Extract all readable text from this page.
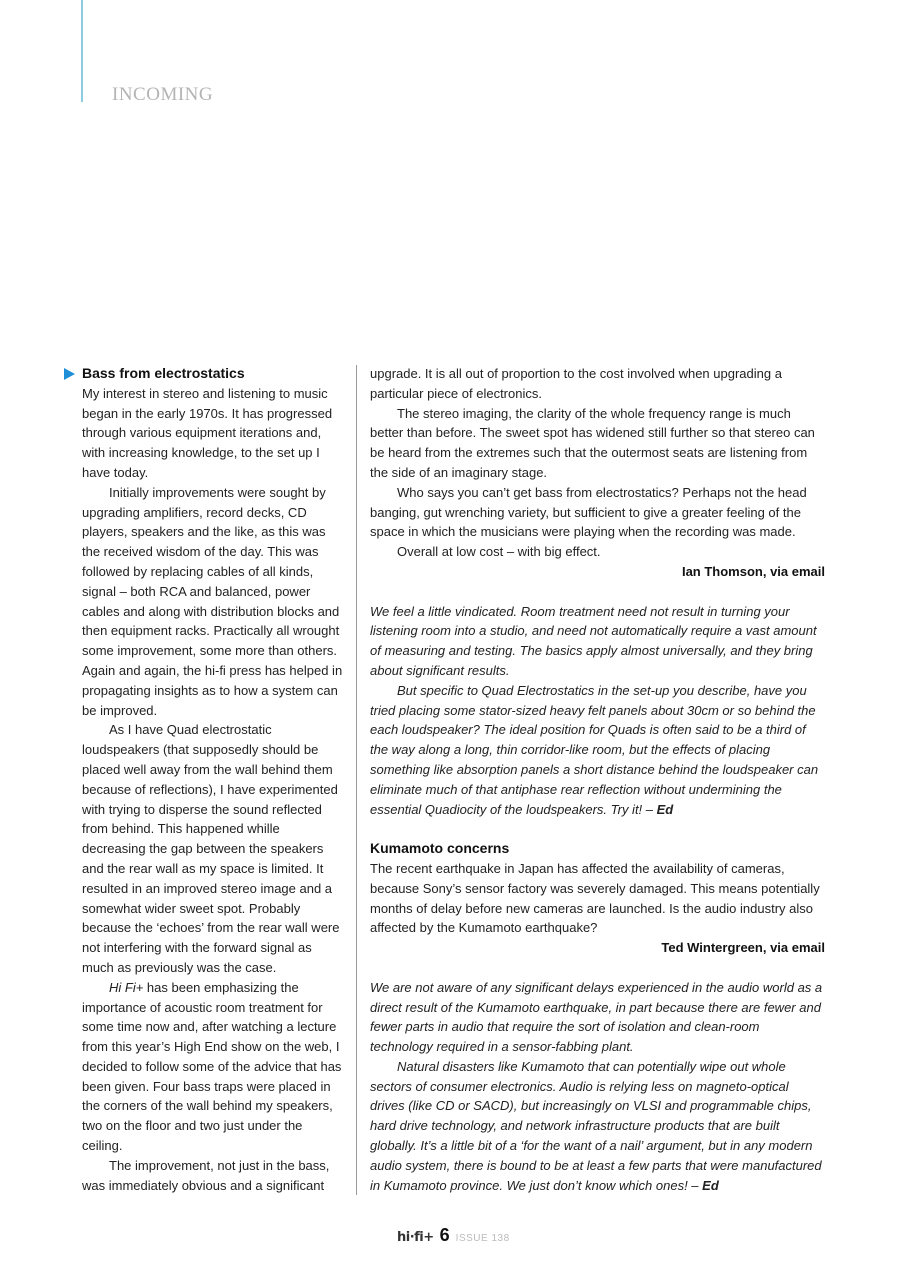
INCOMING
Bass from electrostatics

My interest in stereo and listening to music began in the early 1970s. It has progressed through various equipment iterations and, with increasing knowledge, to the set up I have today.

Initially improvements were sought by upgrading amplifiers, record decks, CD players, speakers and the like, as this was the received wisdom of the day. This was followed by replacing cables of all kinds, signal – both RCA and balanced, power cables and along with distribution blocks and then equipment racks. Practically all wrought some improvement, some more than others. Again and again, the hi-fi press has helped in propagating insights as to how a system can be improved.

As I have Quad electrostatic loudspeakers (that supposedly should be placed well away from the wall behind them because of reflections), I have experimented with trying to disperse the sound reflected from behind. This happened whille decreasing the gap between the speakers and the rear wall as my space is limited. It resulted in an improved stereo image and a somewhat wider sweet spot. Probably because the ‘echoes’ from the rear wall were not interfering with the forward signal as much as previously was the case.

Hi Fi+ has been emphasizing the importance of acoustic room treatment for some time now and, after watching a lecture from this year’s High End show on the web, I decided to follow some of the advice that has been given. Four bass traps were placed in the corners of the wall behind my speakers, two on the floor and two just under the ceiling.

The improvement, not just in the bass, was immediately obvious and a significant

upgrade. It is all out of proportion to the cost involved when upgrading a particular piece of electronics.

The stereo imaging, the clarity of the whole frequency range is much better than before. The sweet spot has widened still further so that stereo can be heard from the extremes such that the outermost seats are listening from the side of an imaginary stage.

Who says you can’t get bass from electrostatics? Perhaps not the head banging, gut wrenching variety, but sufficient to give a greater feeling of the space in which the musicians were playing when the recording was made.

Overall at low cost – with big effect.

Ian Thomson, via email

We feel a little vindicated. Room treatment need not result in turning your listening room into a studio, and need not automatically require a vast amount of measuring and testing. The basics apply almost universally, and they bring about significant results.

But specific to Quad Electrostatics in the set-up you describe, have you tried placing some stator-sized heavy felt panels about 30cm or so behind the each loudspeaker? The ideal position for Quads is often said to be a third of the way along a long, thin corridor-like room, but the effects of placing something like absorption panels a short distance behind the loudspeaker can eliminate much of that antiphase rear reflection without undermining the essential Quadiocity of the loudspeakers. Try it! – Ed

Kumamoto concerns

The recent earthquake in Japan has affected the availability of cameras, because Sony’s sensor factory was severely damaged. This means potentially months of delay before new cameras are launched. Is the audio industry also affected by the Kumamoto earthquake?

Ted Wintergreen, via email

We are not aware of any significant delays experienced in the audio world as a direct result of the Kumamoto earthquake, in part because there are fewer and fewer parts in audio that require the sort of isolation and clean-room technology required in a sensor-fabbing plant.

Natural disasters like Kumamoto that can potentially wipe out whole sectors of consumer electronics. Audio is relying less on magneto-optical drives (like CD or SACD), but increasingly on VLSI and programmable chips, hard drive technology, and network infrastructure products that are built globally. It’s a little bit of a ‘for the want of a nail’ argument, but in any modern audio system, there is bound to be at least a few parts that were manufactured in Kumamoto province. We just don’t know which ones! – Ed

hi·fi+ 6 ISSUE 138
